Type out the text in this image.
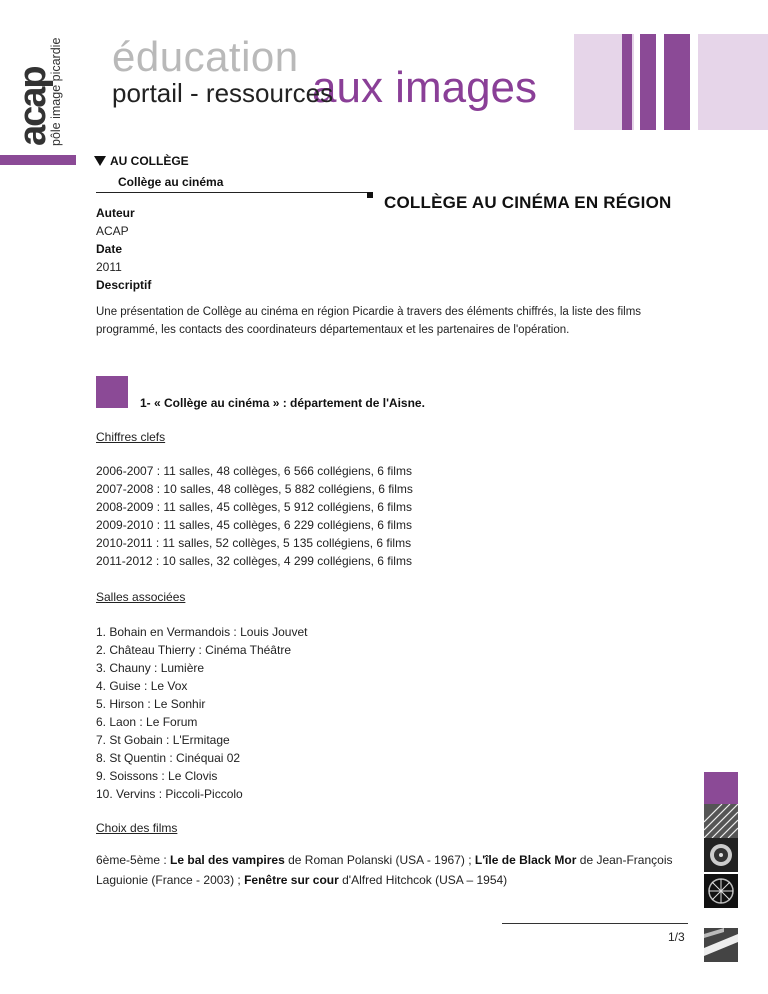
acap
pôle image picardie éducation
aux images
portail - ressources
AU COLLÈGE
Collège au cinéma
COLLÈGE AU CINÉMA EN RÉGION
Auteur
ACAP
Date
2011
Descriptif
Une présentation de Collège au cinéma en région Picardie à travers des éléments chiffrés, la liste des films programmé, les contacts des coordinateurs départementaux et les partenaires de l'opération.
1- « Collège au cinéma » : département de l'Aisne.
Chiffres clefs
2006-2007 : 11 salles, 48 collèges, 6 566 collégiens, 6 films
2007-2008 : 10 salles, 48 collèges, 5 882 collégiens, 6 films
2008-2009 : 11 salles, 45 collèges, 5 912 collégiens, 6 films
2009-2010 : 11 salles, 45 collèges, 6 229 collégiens, 6 films
2010-2011 : 11 salles, 52 collèges, 5 135 collégiens, 6 films
2011-2012 : 10 salles, 32 collèges, 4 299 collégiens, 6 films
Salles associées
1. Bohain en Vermandois : Louis Jouvet
2. Château Thierry : Cinéma Théâtre
3. Chauny : Lumière
4. Guise : Le Vox
5. Hirson : Le Sonhir
6. Laon : Le Forum
7. St Gobain : L'Ermitage
8. St Quentin : Cinéquai 02
9. Soissons : Le Clovis
10. Vervins : Piccoli-Piccolo
Choix des films
6ème-5ème : Le bal des vampires de Roman Polanski (USA - 1967) ; L'île de Black Mor de Jean-François Laguionie (France - 2003) ; Fenêtre sur cour d'Alfred Hitchcok (USA – 1954)
1/3
